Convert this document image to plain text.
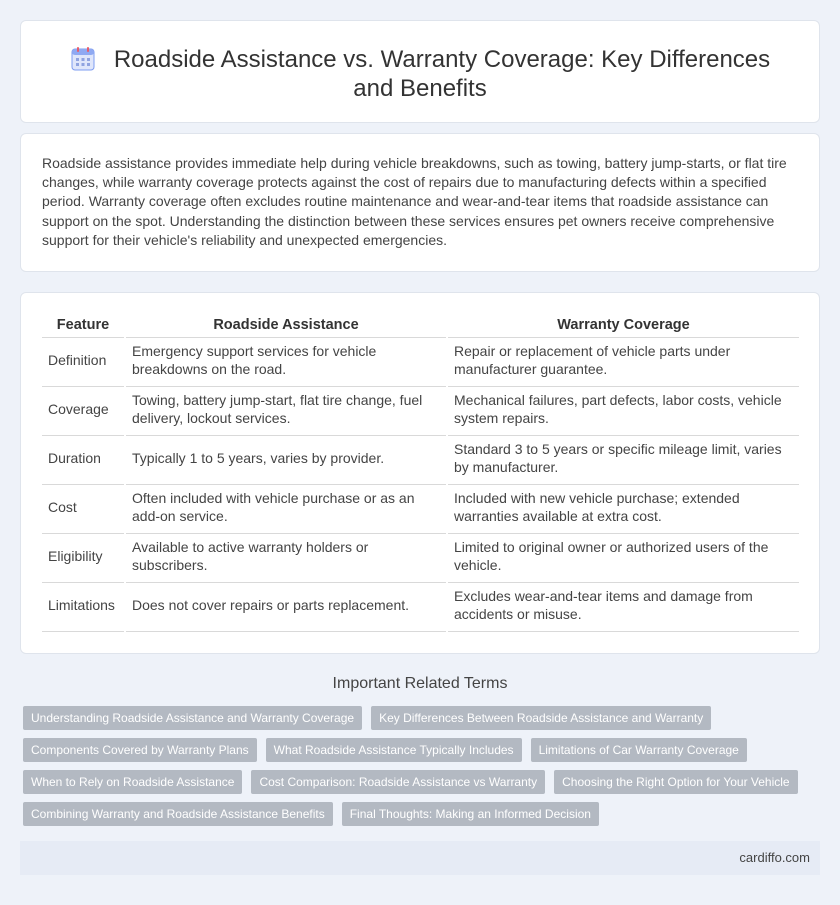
Roadside Assistance vs. Warranty Coverage: Key Differences and Benefits

Roadside assistance provides immediate help during vehicle breakdowns, such as towing, battery jump-starts, or flat tire changes, while warranty coverage protects against the cost of repairs due to manufacturing defects within a specified period. Warranty coverage often excludes routine maintenance and wear-and-tear items that roadside assistance can support on the spot. Understanding the distinction between these services ensures pet owners receive comprehensive support for their vehicle's reliability and unexpected emergencies.

Feature	Roadside Assistance	Warranty Coverage
Definition	Emergency support services for vehicle breakdowns on the road.	Repair or replacement of vehicle parts under manufacturer guarantee.
Coverage	Towing, battery jump-start, flat tire change, fuel delivery, lockout services.	Mechanical failures, part defects, labor costs, vehicle system repairs.
Duration	Typically 1 to 5 years, varies by provider.	Standard 3 to 5 years or specific mileage limit, varies by manufacturer.
Cost	Often included with vehicle purchase or as an add-on service.	Included with new vehicle purchase; extended warranties available at extra cost.
Eligibility	Available to active warranty holders or subscribers.	Limited to original owner or authorized users of the vehicle.
Limitations	Does not cover repairs or parts replacement.	Excludes wear-and-tear items and damage from accidents or misuse.
Important Related Terms
Understanding Roadside Assistance and Warranty Coverage	Key Differences Between Roadside Assistance and Warranty
Components Covered by Warranty Plans	What Roadside Assistance Typically Includes	Limitations of Car Warranty Coverage
When to Rely on Roadside Assistance	Cost Comparison: Roadside Assistance vs Warranty	Choosing the Right Option for Your Vehicle
Combining Warranty and Roadside Assistance Benefits	Final Thoughts: Making an Informed Decision
cardiffo.com
